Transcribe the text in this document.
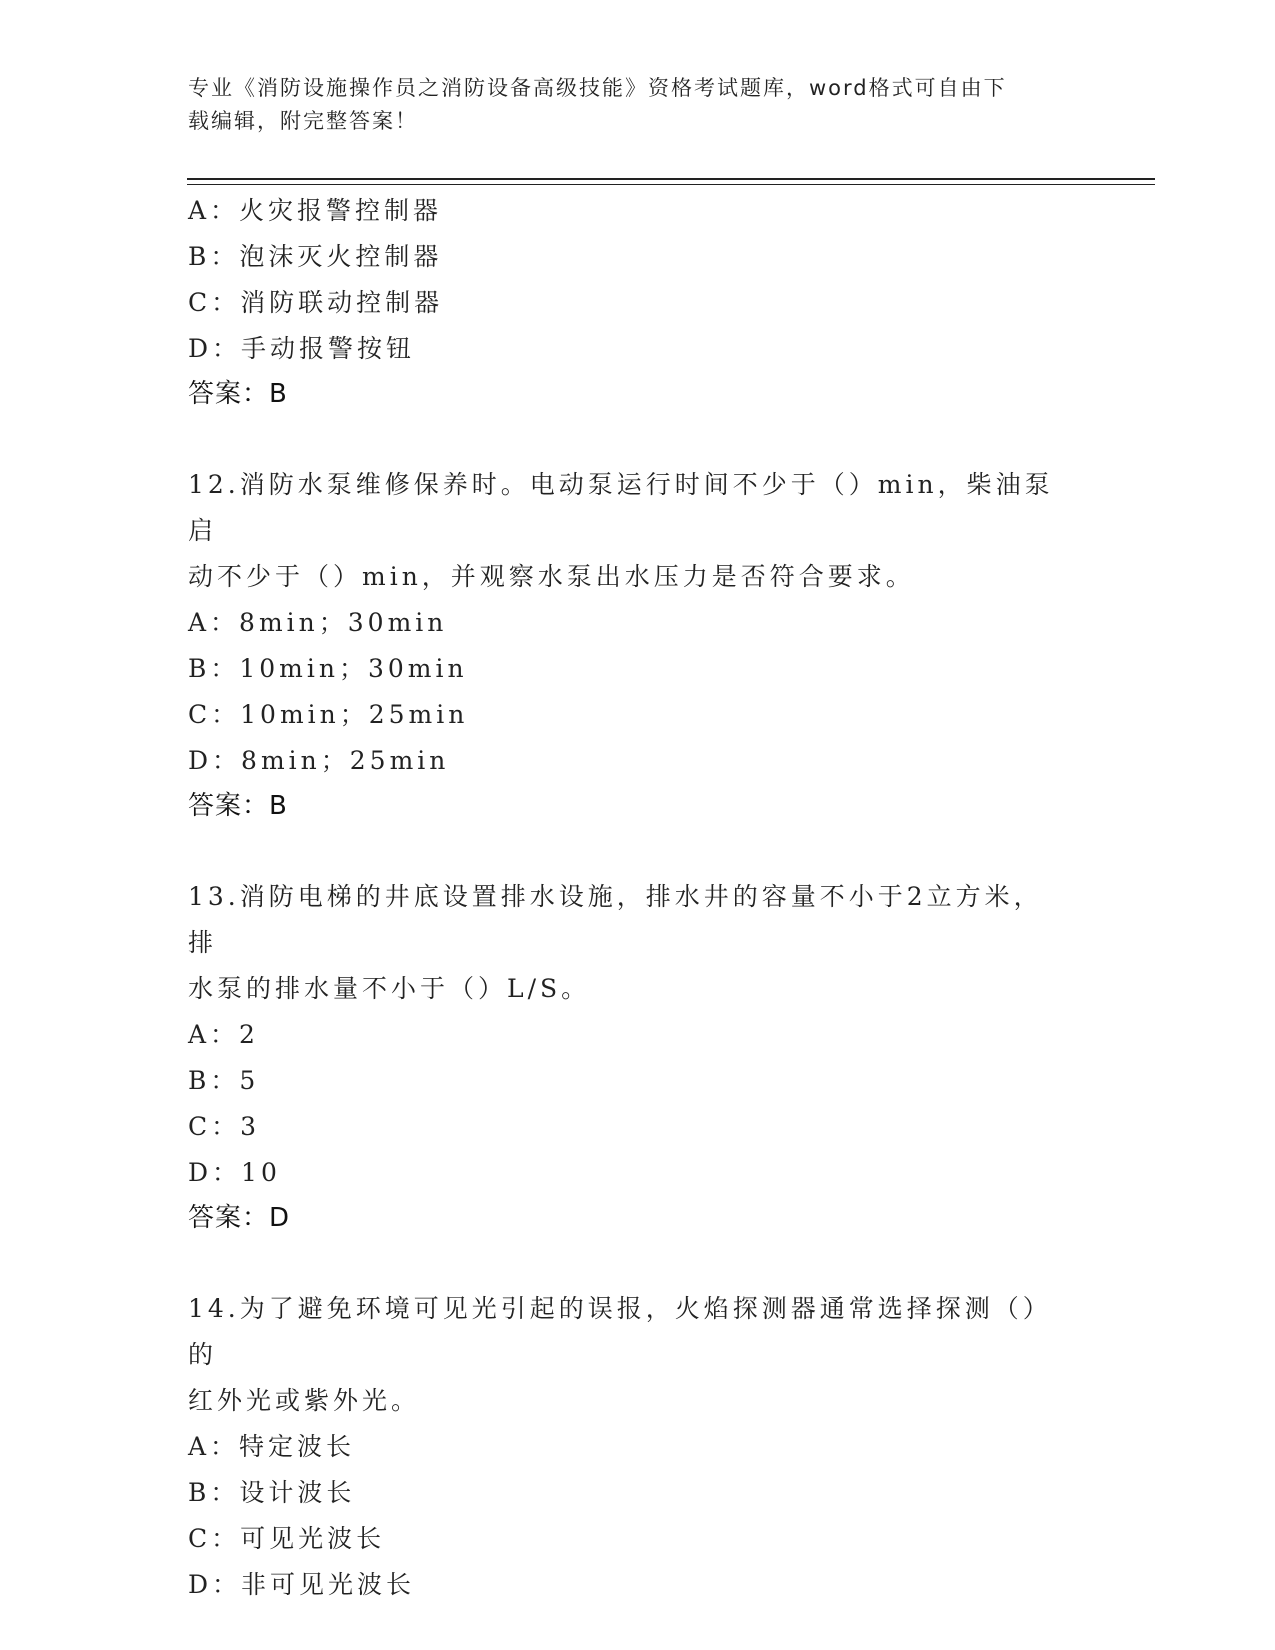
专业《消防设施操作员之消防设备高级技能》资格考试题库，word格式可自由下
载编辑，附完整答案！
A：火灾报警控制器
B：泡沫灭火控制器
C：消防联动控制器
D：手动报警按钮
答案：B
12.消防水泵维修保养时。电动泵运行时间不少于（）min，柴油泵启
动不少于（）min，并观察水泵出水压力是否符合要求。
A：8min；30min
B：10min；30min
C：10min；25min
D：8min；25min
答案：B
13.消防电梯的井底设置排水设施，排水井的容量不小于2立方米，排
水泵的排水量不小于（）L/S。
A：2
B：5
C：3
D：10
答案：D
14.为了避免环境可见光引起的误报，火焰探测器通常选择探测（）的
红外光或紫外光。
A：特定波长
B：设计波长
C：可见光波长
D：非可见光波长
